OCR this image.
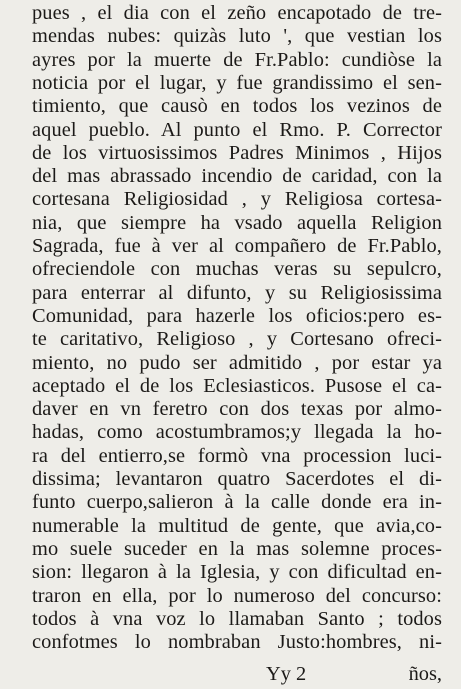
pues , el dia con el zeño encapotado de tre-
mendas nubes: quizàs luto ', que vestian los
ayres por la muerte de Fr.Pablo: cundiòse la
noticia por el lugar, y fue grandissimo el sen-
timiento, que causò en todos los vezinos de
aquel pueblo. Al punto el Rmo. P. Corrector
de los virtuosissimos Padres Minimos , Hijos
del mas abrassado incendio de caridad, con la
cortesana Religiosidad , y Religiosa cortesa-
nia, que siempre ha vsado aquella Religion
Sagrada, fue à ver al compañero de Fr.Pablo,
ofreciendole con muchas veras su sepulcro,
para enterrar al difunto, y su Religiosissima
Comunidad, para hazerle los oficios:pero es-
te caritativo, Religioso , y Cortesano ofreci-
miento, no pudo ser admitido , por estar ya
aceptado el de los Eclesiasticos. Pusose el ca-
daver en vn feretro con dos texas por almo-
hadas, como acostumbramos;y llegada la ho-
ra del entierro,se formò vna procession luci-
dissima; levantaron quatro Sacerdotes el di-
funto cuerpo,salieron à la calle donde era in-
numerable la multitud de gente, que avia,co-
mo suele suceder en la mas solemne proces-
sion: llegaron à la Iglesia, y con dificultad en-
traron en ella, por lo numeroso del concurso:
todos à vna voz lo llamaban Santo ; todos
confotmes lo nombraban Justo:hombres, ni-
Yy 2	ños,
